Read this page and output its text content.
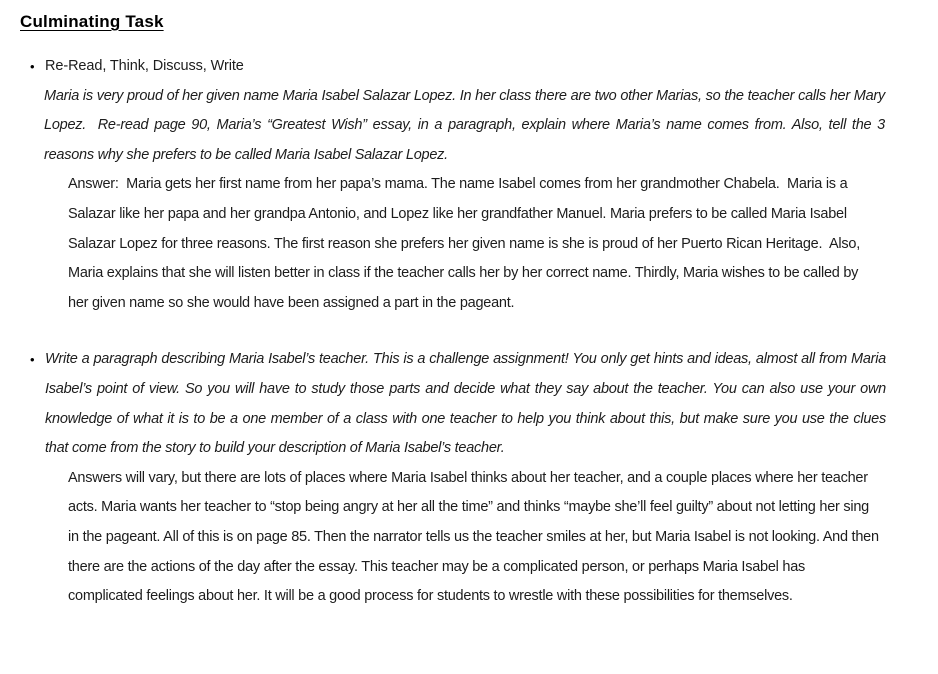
Culminating Task
• Re-Read, Think, Discuss, Write

Maria is very proud of her given name Maria Isabel Salazar Lopez. In her class there are two other Marias, so the teacher calls her Mary Lopez.  Re-read page 90, Maria’s “Greatest Wish” essay, in a paragraph, explain where Maria’s name comes from. Also, tell the 3 reasons why she prefers to be called Maria Isabel Salazar Lopez.

Answer:  Maria gets her first name from her papa’s mama. The name Isabel comes from her grandmother Chabela.  Maria is a Salazar like her papa and her grandpa Antonio, and Lopez like her grandfather Manuel. Maria prefers to be called Maria Isabel Salazar Lopez for three reasons. The first reason she prefers her given name is she is proud of her Puerto Rican Heritage.  Also, Maria explains that she will listen better in class if the teacher calls her by her correct name. Thirdly, Maria wishes to be called by her given name so she would have been assigned a part in the pageant.

• Write a paragraph describing Maria Isabel’s teacher. This is a challenge assignment! You only get hints and ideas, almost all from Maria Isabel’s point of view. So you will have to study those parts and decide what they say about the teacher. You can also use your own knowledge of what it is to be a one member of a class with one teacher to help you think about this, but make sure you use the clues that come from the story to build your description of Maria Isabel’s teacher.

Answers will vary, but there are lots of places where Maria Isabel thinks about her teacher, and a couple places where her teacher acts. Maria wants her teacher to “stop being angry at her all the time” and thinks “maybe she’ll feel guilty” about not letting her sing in the pageant. All of this is on page 85. Then the narrator tells us the teacher smiles at her, but Maria Isabel is not looking. And then there are the actions of the day after the essay. This teacher may be a complicated person, or perhaps Maria Isabel has complicated feelings about her. It will be a good process for students to wrestle with these possibilities for themselves.
